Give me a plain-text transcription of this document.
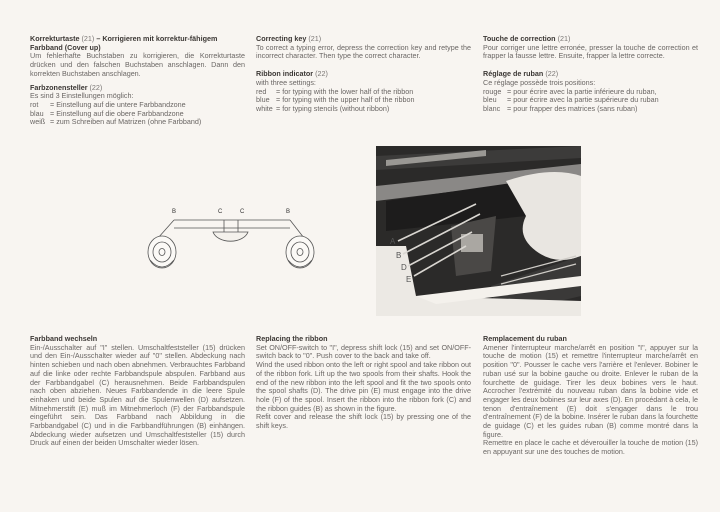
Korrekturtaste (21) – Korrigieren mit korrektur-fähigem Farbband (Cover up)
Um fehlerhafte Buchstaben zu korrigieren, die Korrekturtaste drücken und den falschen Buchstaben anschlagen. Dann den korrekten Buchstaben anschlagen.
Farbzonensteller (22)
Es sind 3 Einstellungen möglich:
rot	= Einstellung auf die untere Farbbandzone
blau = Einstellung auf die obere Farbbandzone
weiß = zum Schreiben auf Matrizen (ohne Farbband)
Correcting key (21)
To correct a typing error, depress the correction key and retype the incorrect character. Then type the correct character.
Ribbon indicator (22)
with three settings:
red	= for typing with the lower half of the ribbon
blue = for typing with the upper half of the ribbon
white = for typing stencils (without ribbon)
Touche de correction (21)
Pour corriger une lettre erronée, presser la touche de correction et frapper la fausse lettre. Ensuite, frapper la lettre correcte.
Réglage de ruban (22)
Ce réglage possède trois positions:
rouge = pour écrire avec la partie inférieure du ruban,
bleu	= pour écrire avec la partie supérieure du ruban
blanc = pour frapper des matrices (sans ruban)
B	C	C	B
A
B
D
E
Farbband wechseln
Ein-/Ausschalter auf "I" stellen. Umschaltfeststeller (15) drücken und den Ein-/Ausschalter wieder auf "0" stellen. Abdeckung nach hinten schieben und nach oben abnehmen. Verbrauchtes Farbband auf die linke oder rechte Farbbandspule abspulen. Farbband aus der Farbbandgabel (C) herausnehmen. Beide Farbbandspulen nach oben abziehen. Neues Farbbandende in die leere Spule einhaken und beide Spulen auf die Spulenwellen (D) aufsetzen. Mitnehmerstift (E) muß im Mitnehmerloch (F) der Farbbandspule eingeführt sein. Das Farbband nach Abbildung in die Farbbandgabel (C) und in die Farbbandführungen (B) einhängen. Abdeckung wieder aufsetzen und Umschaltfeststeller (15) durch Druck auf einen der beiden Umschalter wieder lösen.
Replacing the ribbon
Set ON/OFF-switch to "I", depress shift lock (15) and set ON/OFF-switch back to "0". Push cover to the back and take off.
Wind the used ribbon onto the left or right spool and take ribbon out of the ribbon fork. Lift up the two spools from their shafts. Hook the end of the new ribbon into the left spool and fit the two spools onto the spool shafts (D). The drive pin (E) must engage into the drive hole (F) of the spool. Insert the ribbon into the ribbon fork (C) and the ribbon guides (B) as shown in the figure.
Refit cover and release the shift lock (15) by pressing one of the shift keys.
Remplacement du ruban
Amener l'interrupteur marche/arrêt en position "I", appuyer sur la touche de motion (15) et remettre l'interrupteur marche/arrêt en position "0". Pousser le cache vers l'arrière et l'enlever. Bobiner le ruban usé sur la bobine gauche ou droite. Enlever le ruban de la fourchette de guidage. Tirer les deux bobines vers le haut. Accrocher l'extrémité du nouveau ruban dans la bobine vide et engager les deux bobines sur leur axes (D). En procédant à cela, le tenon d'entraînement (E) doit s'engager dans le trou d'entraînement (F) de la bobine. Insérer le ruban dans la fourchette de guidage (C) et les guides ruban (B) comme montré dans la figure.
Remettre en place le cache et déverouiller la touche de motion (15) en appuyant sur une des touches de motion.
